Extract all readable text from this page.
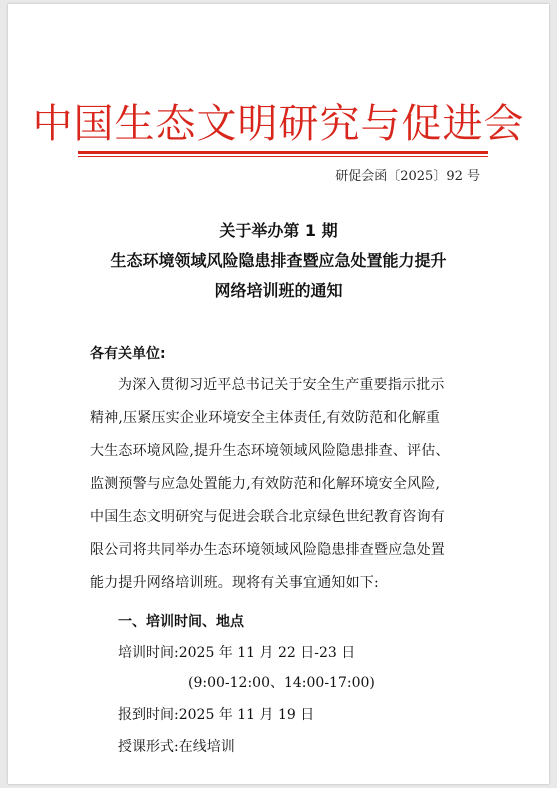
中国生态文明研究与促进会
研促会函〔2025〕92 号
关于举办第 1 期
生态环境领域风险隐患排查暨应急处置能力提升
网络培训班的通知
各有关单位:
为深入贯彻习近平总书记关于安全生产重要指示批示
精神,压紧压实企业环境安全主体责任,有效防范和化解重
大生态环境风险,提升生态环境领域风险隐患排查、评估、
监测预警与应急处置能力,有效防范和化解环境安全风险,
中国生态文明研究与促进会联合北京绿色世纪教育咨询有
限公司将共同举办生态环境领域风险隐患排查暨应急处置
能力提升网络培训班。现将有关事宜通知如下:
一、培训时间、地点
培训时间:2025 年 11 月 22 日-23 日
(9:00-12:00、14:00-17:00)
报到时间:2025 年 11 月 19 日
授课形式:在线培训
